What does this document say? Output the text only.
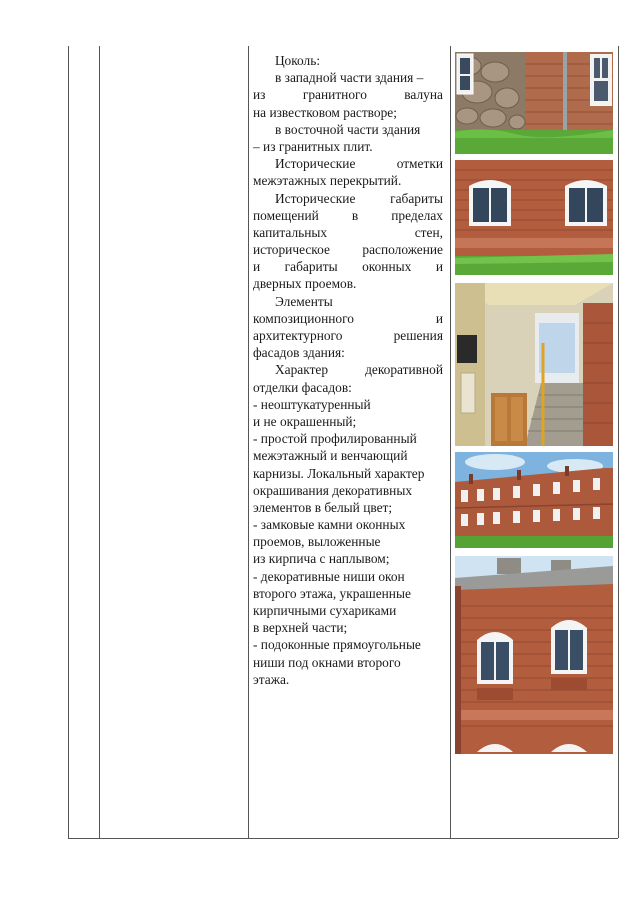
Цоколь:
в западной части здания –
из	гранитного	валуна
на известковом растворе;
в восточной части здания
– из гранитных плит.
Исторические	отметки
межэтажных перекрытий.
Исторические	габариты
помещений в пределах
капитальных	стен,
историческое расположение
и габариты оконных и
дверных проемов.
Элементы
композиционного	и
архитектурного	решения
фасадов здания:
Характер	декоративной
отделки фасадов:
- неоштукатуренный
и не окрашенный;
- простой профилированный
межэтажный и венчающий
карнизы. Локальный характер
окрашивания декоративных
элементов в белый цвет;
- замковые камни оконных
проемов, выложенные
из кирпича с наплывом;
- декоративные ниши окон
второго этажа, украшенные
кирпичными сухариками
в верхней части;
- подоконные прямоугольные
ниши под окнами второго
этажа.
